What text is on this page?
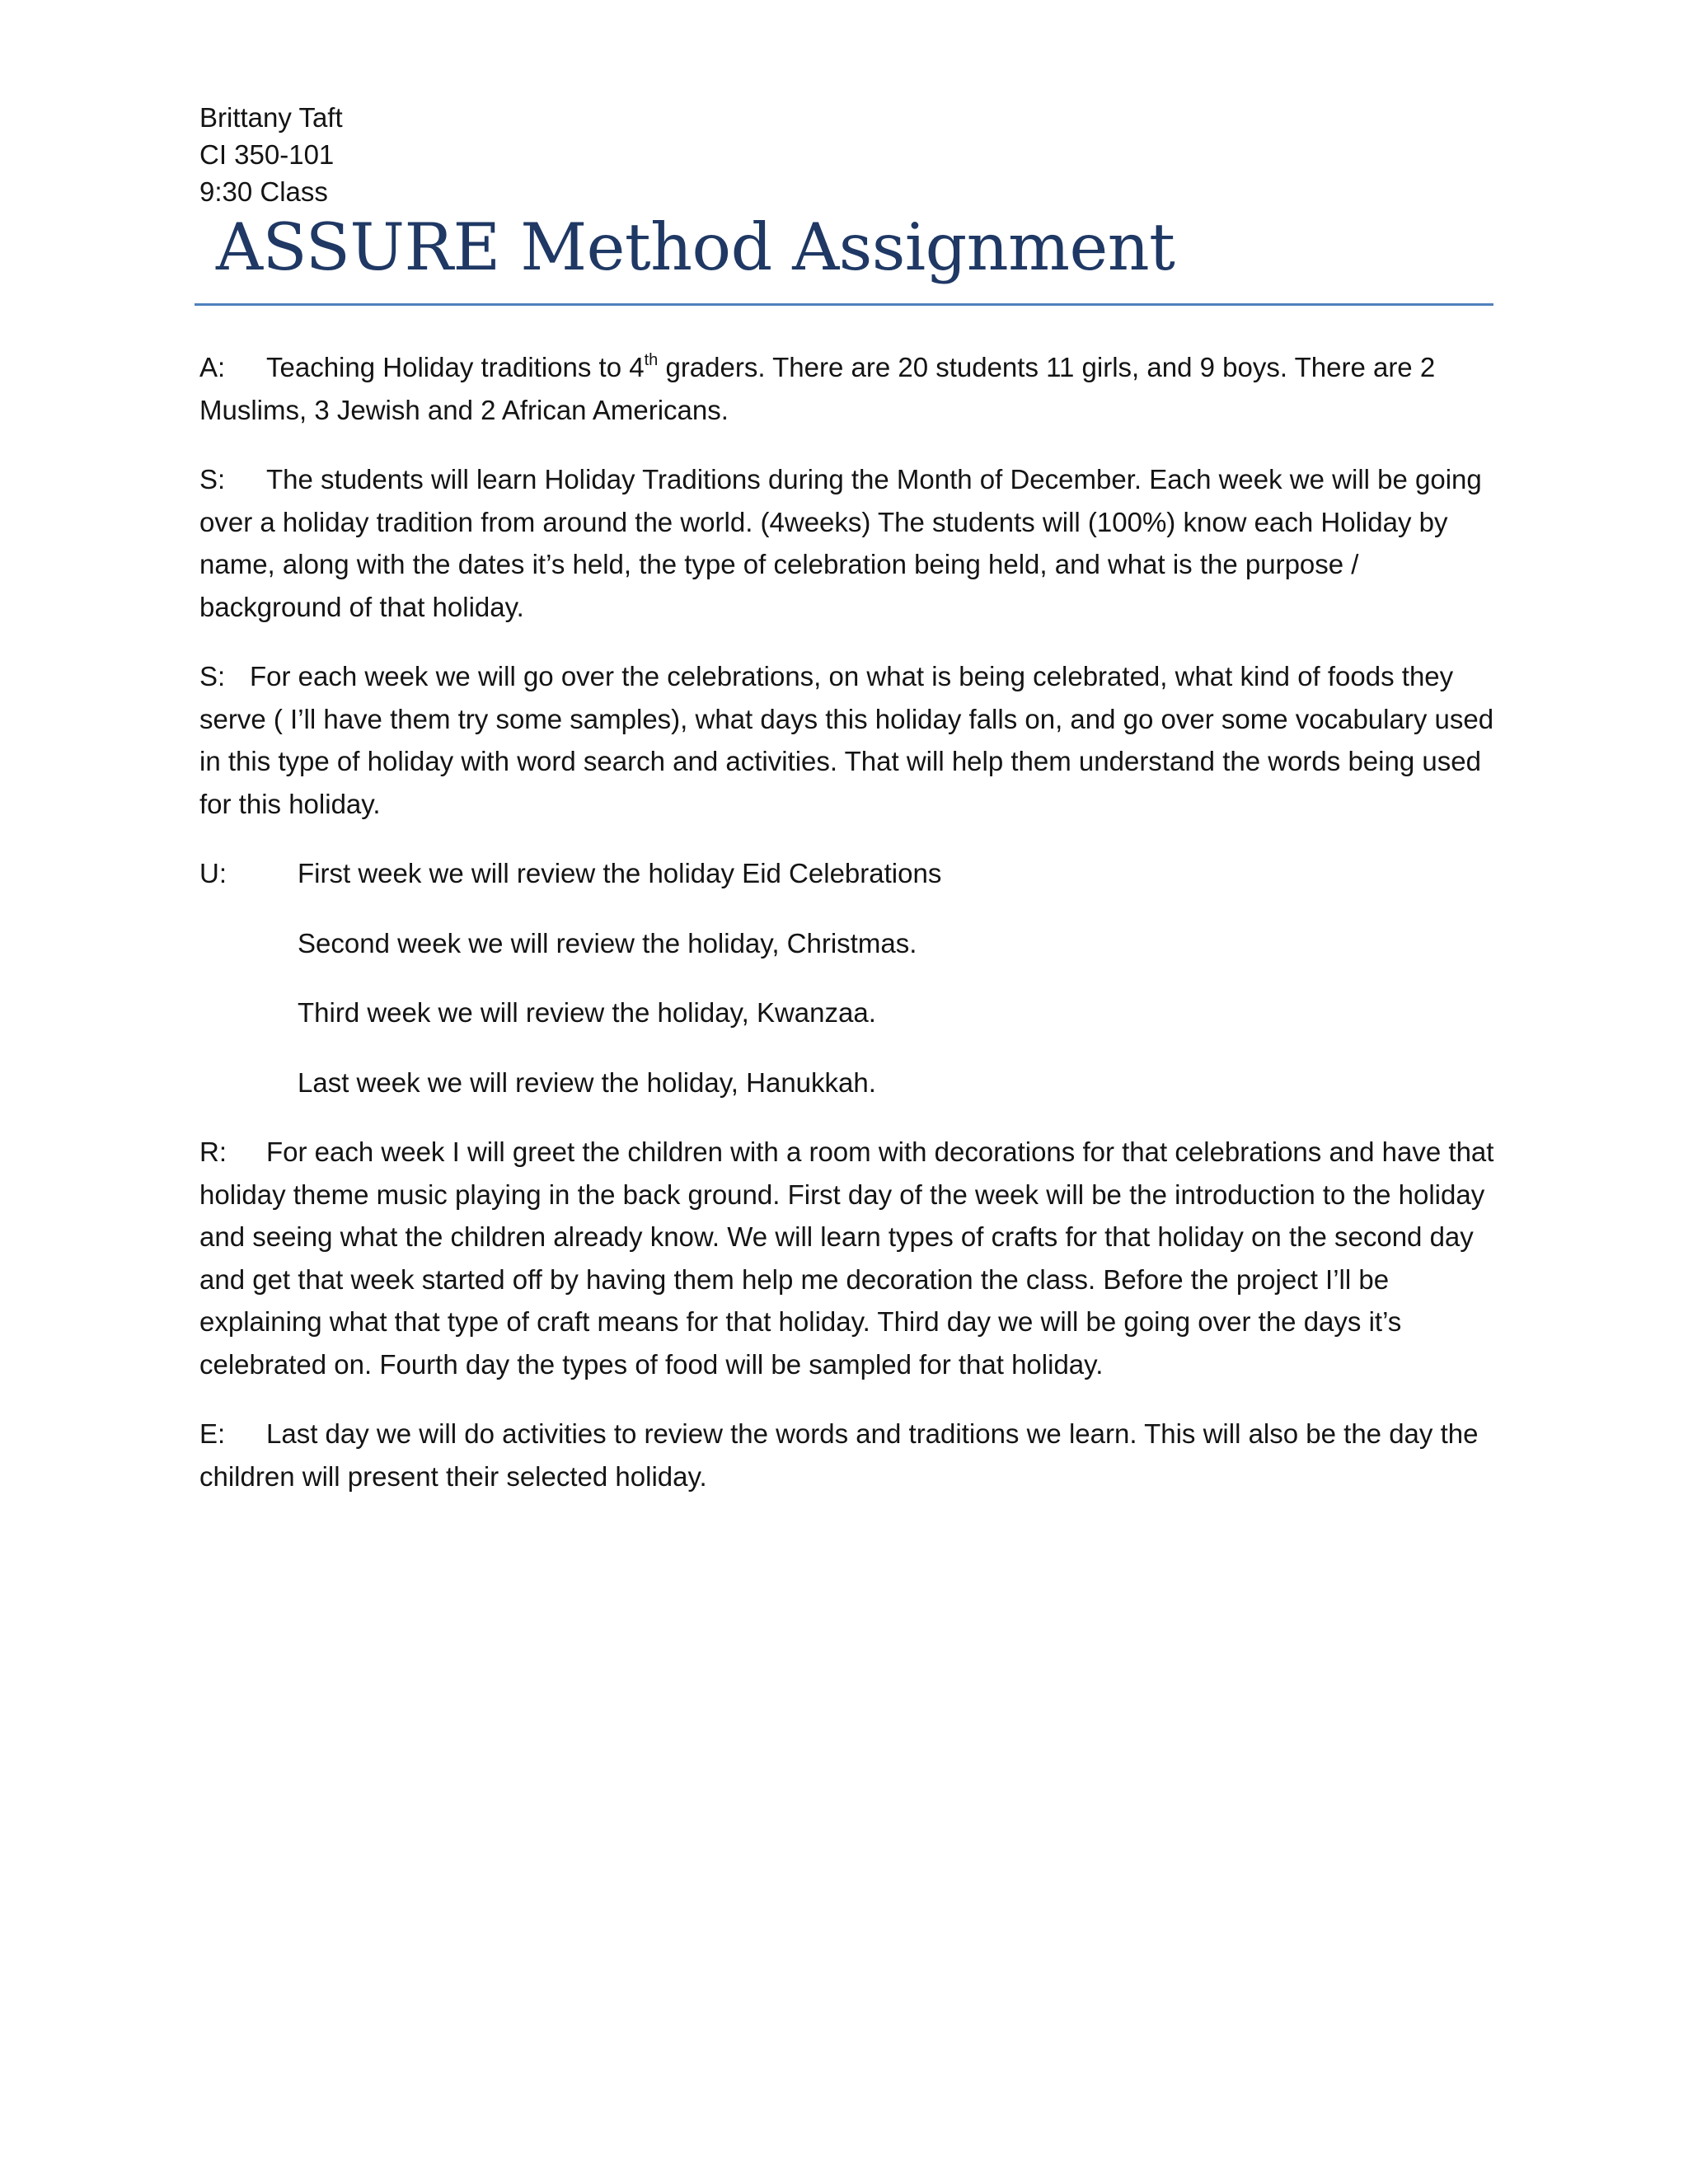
Brittany Taft
CI 350-101
9:30 Class
ASSURE Method Assignment

A: Teaching Holiday traditions to 4th graders. There are 20 students 11 girls, and 9 boys. There are 2 Muslims, 3 Jewish and 2 African Americans.

S: The students will learn Holiday Traditions during the Month of December. Each week we will be going over a holiday tradition from around the world. (4weeks) The students will (100%) know each Holiday by name, along with the dates it’s held, the type of celebration being held, and what is the purpose / background of that holiday.

S: For each week we will go over the celebrations, on what is being celebrated, what kind of foods they serve ( I’ll have them try some samples), what days this holiday falls on, and go over some vocabulary used in this type of holiday with word search and activities. That will help them understand the words being used for this holiday.

U:	First week we will review the holiday Eid Celebrations

Second week we will review the holiday, Christmas.

Third week we will review the holiday, Kwanzaa.

Last week we will review the holiday, Hanukkah.

R: For each week I will greet the children with a room with decorations for that celebrations and have that holiday theme music playing in the back ground. First day of the week will be the introduction to the holiday and seeing what the children already know. We will learn types of crafts for that holiday on the second day and get that week started off by having them help me decoration the class. Before the project I’ll be explaining what that type of craft means for that holiday. Third day we will be going over the days it’s celebrated on. Fourth day the types of food will be sampled for that holiday.

E: Last day we will do activities to review the words and traditions we learn. This will also be the day the children will present their selected holiday.
